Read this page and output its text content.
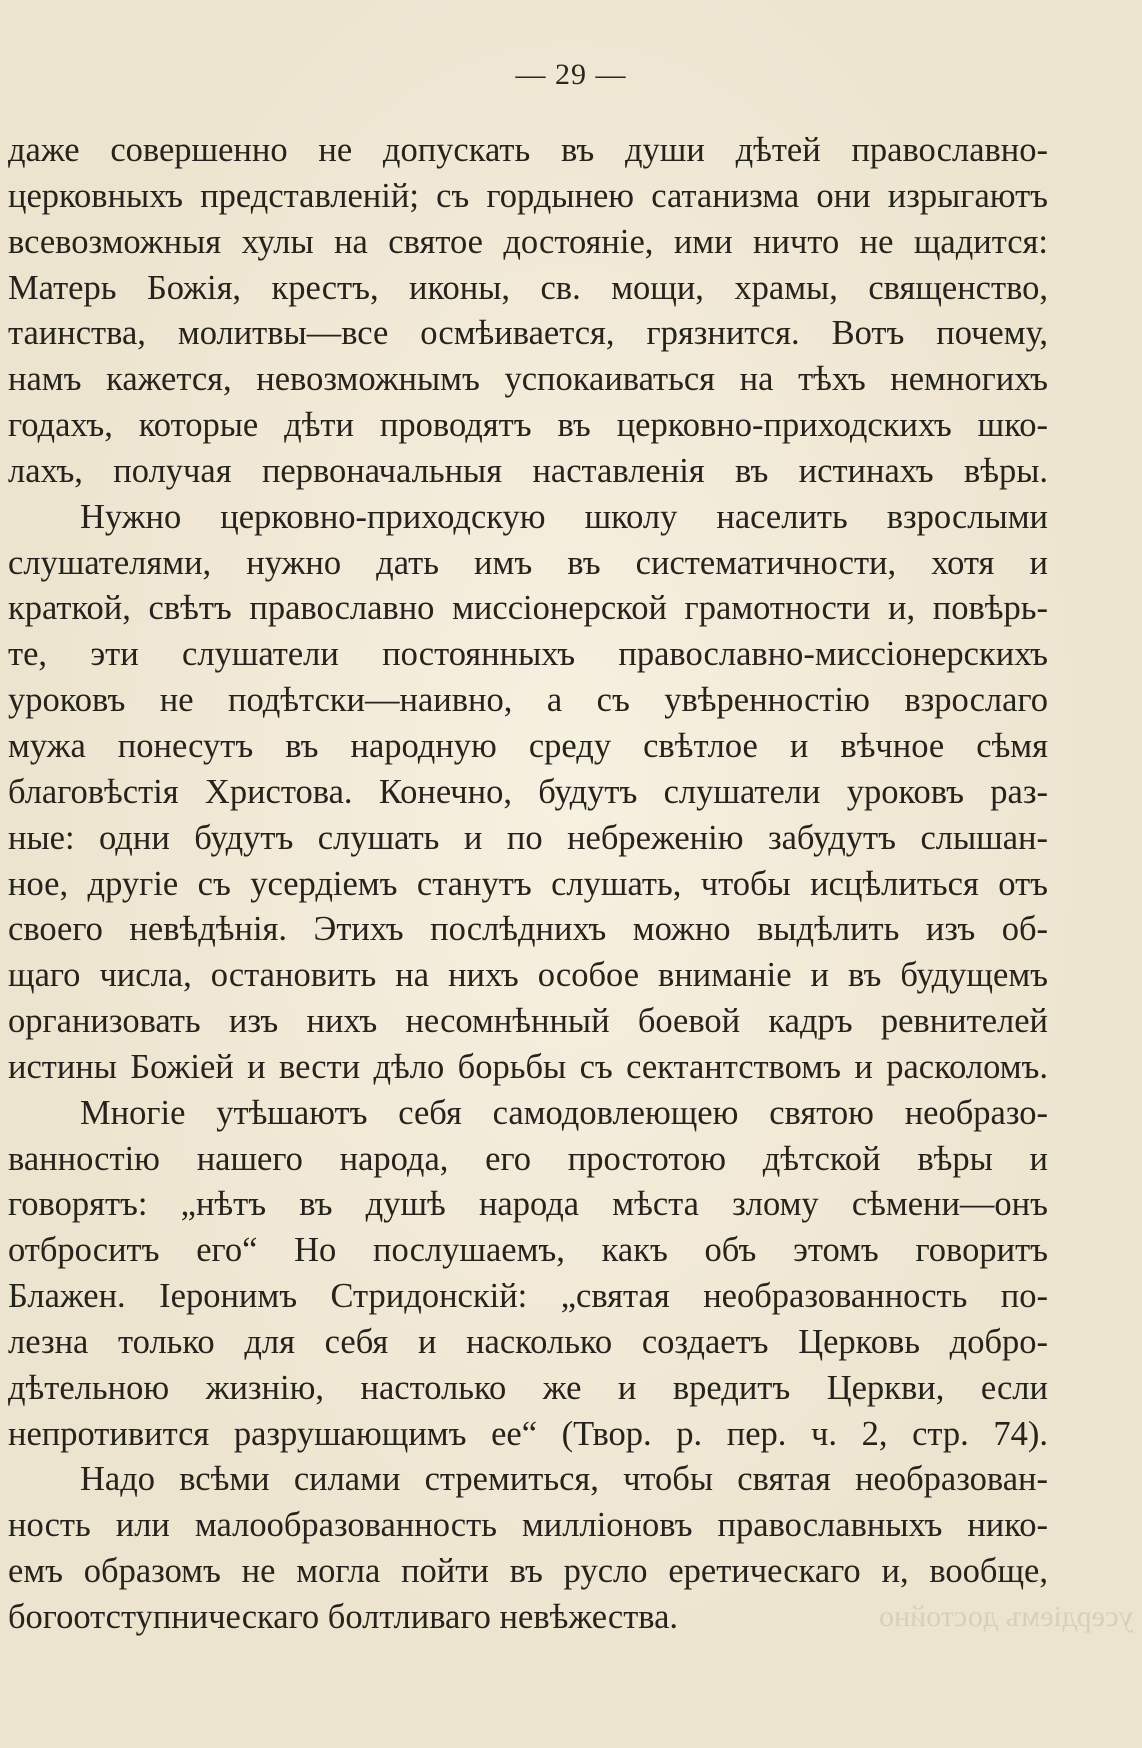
— 29 —
даже совершенно не допускать въ души дѣтей православно-
церковныхъ представленій; съ гордынею сатанизма они изрыгаютъ
всевозможныя хулы на святое достояніе, ими ничто не щадится:
Матерь Божія, крестъ, иконы, св. мощи, храмы, священство,
таинства, молитвы—все осмѣивается, грязнится. Вотъ почему,
намъ кажется, невозможнымъ успокаиваться на тѣхъ немногихъ
годахъ, которые дѣти проводятъ въ церковно-приходскихъ шко-
лахъ, получая первоначальныя наставленія въ истинахъ вѣры.
Нужно церковно-приходскую школу населить взрослыми
слушателями, нужно дать имъ въ систематичности, хотя и
краткой, свѣтъ православно миссіонерской грамотности и, повѣрь-
те, эти слушатели постоянныхъ православно-миссіонерскихъ
уроковъ не подѣтски—наивно, а съ увѣренностію взрослаго
мужа понесутъ въ народную среду свѣтлое и вѣчное сѣмя
благовѣстія Христова. Конечно, будутъ слушатели уроковъ раз-
ные: одни будутъ слушать и по небреженію забудутъ слышан-
ное, другіе съ усердіемъ станутъ слушать, чтобы исцѣлиться отъ
своего невѣдѣнія. Этихъ послѣднихъ можно выдѣлить изъ об-
щаго числа, остановить на нихъ особое вниманіе и въ будущемъ
организовать изъ нихъ несомнѣнный боевой кадръ ревнителей
истины Божіей и вести дѣло борьбы съ сектантствомъ и расколомъ.
Многіе утѣшаютъ себя самодовлеющею святою необразо-
ванностію нашего народа, его простотою дѣтской вѣры и
говорятъ: „нѣтъ въ душѣ народа мѣста злому сѣмени—онъ
отброситъ его“ Но послушаемъ, какъ объ этомъ говоритъ
Блажен. Іеронимъ Стридонскій: „святая необразованность по-
лезна только для себя и насколько создаетъ Церковь добро-
дѣтельною жизнію, настолько же и вредитъ Церкви, если
непротивится разрушающимъ ее“ (Твор. р. пер. ч. 2, стр. 74).
Надо всѣми силами стремиться, чтобы святая необразован-
ность или малообразованность милліоновъ православныхъ нико-
емъ образомъ не могла пойти въ русло еретическаго и, вообще,
богоотступническаго болтливаго невѣжества.	усердіемъ достойно
